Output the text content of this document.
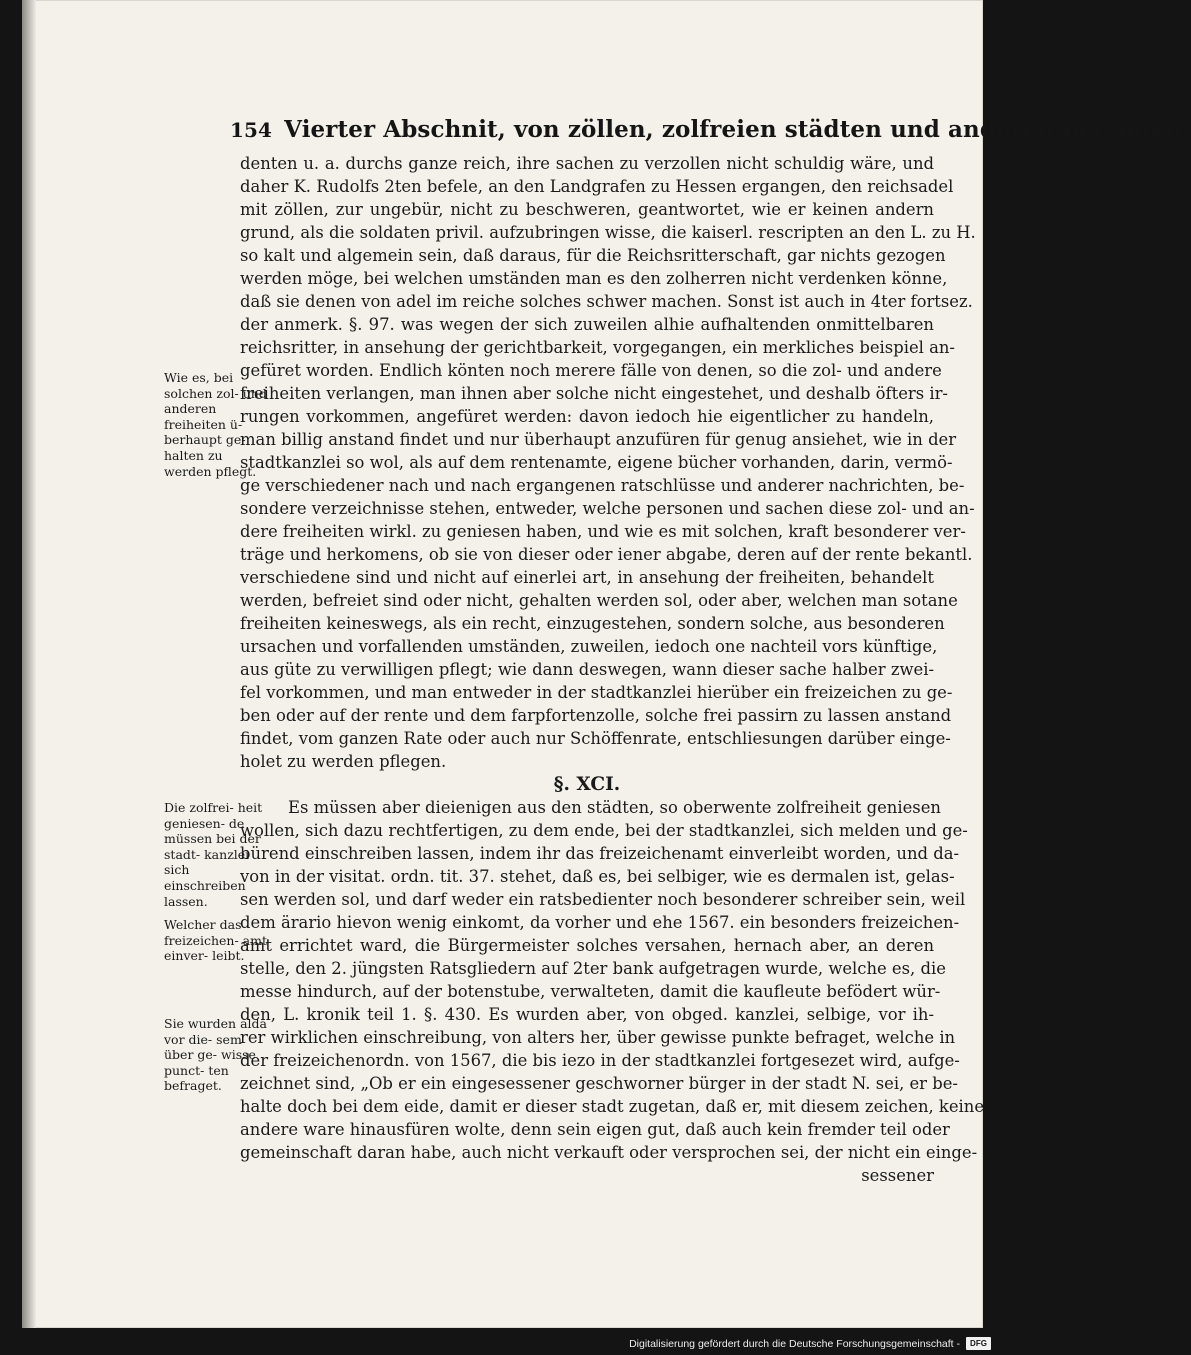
154 Vierter Abschnit, von zöllen, zolfreien städten und anderen personen,
denten u. a. durchs ganze reich, ihre sachen zu verzollen nicht schuldig wäre, und
daher K. Rudolfs 2ten befele, an den Landgrafen zu Hessen ergangen, den reichsadel
mit zöllen, zur ungebür, nicht zu beschweren, geantwortet, wie er keinen andern
grund, als die soldaten privil. aufzubringen wisse, die kaiserl. rescripten an den L. zu H.
so kalt und algemein sein, daß daraus, für die Reichsritterschaft, gar nichts gezogen
werden möge, bei welchen umständen man es den zolherren nicht verdenken könne,
daß sie denen von adel im reiche solches schwer machen. Sonst ist auch in 4ter fortsez.
der anmerk. §. 97. was wegen der sich zuweilen alhie aufhaltenden onmittelbaren
reichsritter, in ansehung der gerichtbarkeit, vorgegangen, ein merkliches beispiel an-
gefüret worden. Endlich könten noch merere fälle von denen, so die zol- und andere
freiheiten verlangen, man ihnen aber solche nicht eingestehet, und deshalb öfters ir-
rungen vorkommen, angefüret werden: davon iedoch hie eigentlicher zu handeln,
man billig anstand findet und nur überhaupt anzufüren für genug ansiehet, wie in der
stadtkanzlei so wol, als auf dem rentenamte, eigene bücher vorhanden, darin, vermö-
ge verschiedener nach und nach ergangenen ratschlüsse und anderer nachrichten, be-
sondere verzeichnisse stehen, entweder, welche personen und sachen diese zol- und an-
dere freiheiten wirkl. zu geniesen haben, und wie es mit solchen, kraft besonderer ver-
träge und herkomens, ob sie von dieser oder iener abgabe, deren auf der rente bekantl.
verschiedene sind und nicht auf einerlei art, in ansehung der freiheiten, behandelt
werden, befreiet sind oder nicht, gehalten werden sol, oder aber, welchen man sotane
freiheiten keineswegs, als ein recht, einzugestehen, sondern solche, aus besonderen
ursachen und vorfallenden umständen, zuweilen, iedoch one nachteil vors künftige,
aus güte zu verwilligen pflegt; wie dann deswegen, wann dieser sache halber zwei-
fel vorkommen, und man entweder in der stadtkanzlei hierüber ein freizeichen zu ge-
ben oder auf der rente und dem farpfortenzolle, solche frei passirn zu lassen anstand
findet, vom ganzen Rate oder auch nur Schöffenrate, entschliesungen darüber einge-
holet zu werden pflegen.
§. XCI.
Es müssen aber dieienigen aus den städten, so oberwente zolfreiheit geniesen
wollen, sich dazu rechtfertigen, zu dem ende, bei der stadtkanzlei, sich melden und ge-
bürend einschreiben lassen, indem ihr das freizeichenamt einverleibt worden, und da-
von in der visitat. ordn. tit. 37. stehet, daß es, bei selbiger, wie es dermalen ist, gelas-
sen werden sol, und darf weder ein ratsbedienter noch besonderer schreiber sein, weil
dem ärario hievon wenig einkomt, da vorher und ehe 1567. ein besonders freizeichen-
amt errichtet ward, die Bürgermeister solches versahen, hernach aber, an deren
stelle, den 2. jüngsten Ratsgliedern auf 2ter bank aufgetragen wurde, welche es, die
messe hindurch, auf der botenstube, verwalteten, damit die kaufleute befödert wür-
den, L. kronik teil 1. §. 430. Es wurden aber, von obged. kanzlei, selbige, vor ih-
rer wirklichen einschreibung, von alters her, über gewisse punkte befraget, welche in
der freizeichenordn. von 1567, die bis iezo in der stadtkanzlei fortgesezet wird, aufge-
zeichnet sind, „Ob er ein eingesessener geschworner bürger in der stadt N. sei, er be-
halte doch bei dem eide, damit er dieser stadt zugetan, daß er, mit diesem zeichen, keine
andere ware hinausfüren wolte, denn sein eigen gut, daß auch kein fremder teil oder
gemeinschaft daran habe, auch nicht verkauft oder versprochen sei, der nicht ein einge-
sessener
Wie es, bei solchen zol- und anderen freiheiten ü- berhaupt ge- halten zu werden pflegt.
Die zolfrei- heit geniesen- de müssen bei der stadt- kanzlei sich einschreiben lassen.
Welcher das freizeichen- amt einver- leibt.
Sie wurden alda vor die- sem über ge- wisse punct- ten befraget.
Digitalisierung gefördert durch die Deutsche Forschungsgemeinschaft -	DFG
